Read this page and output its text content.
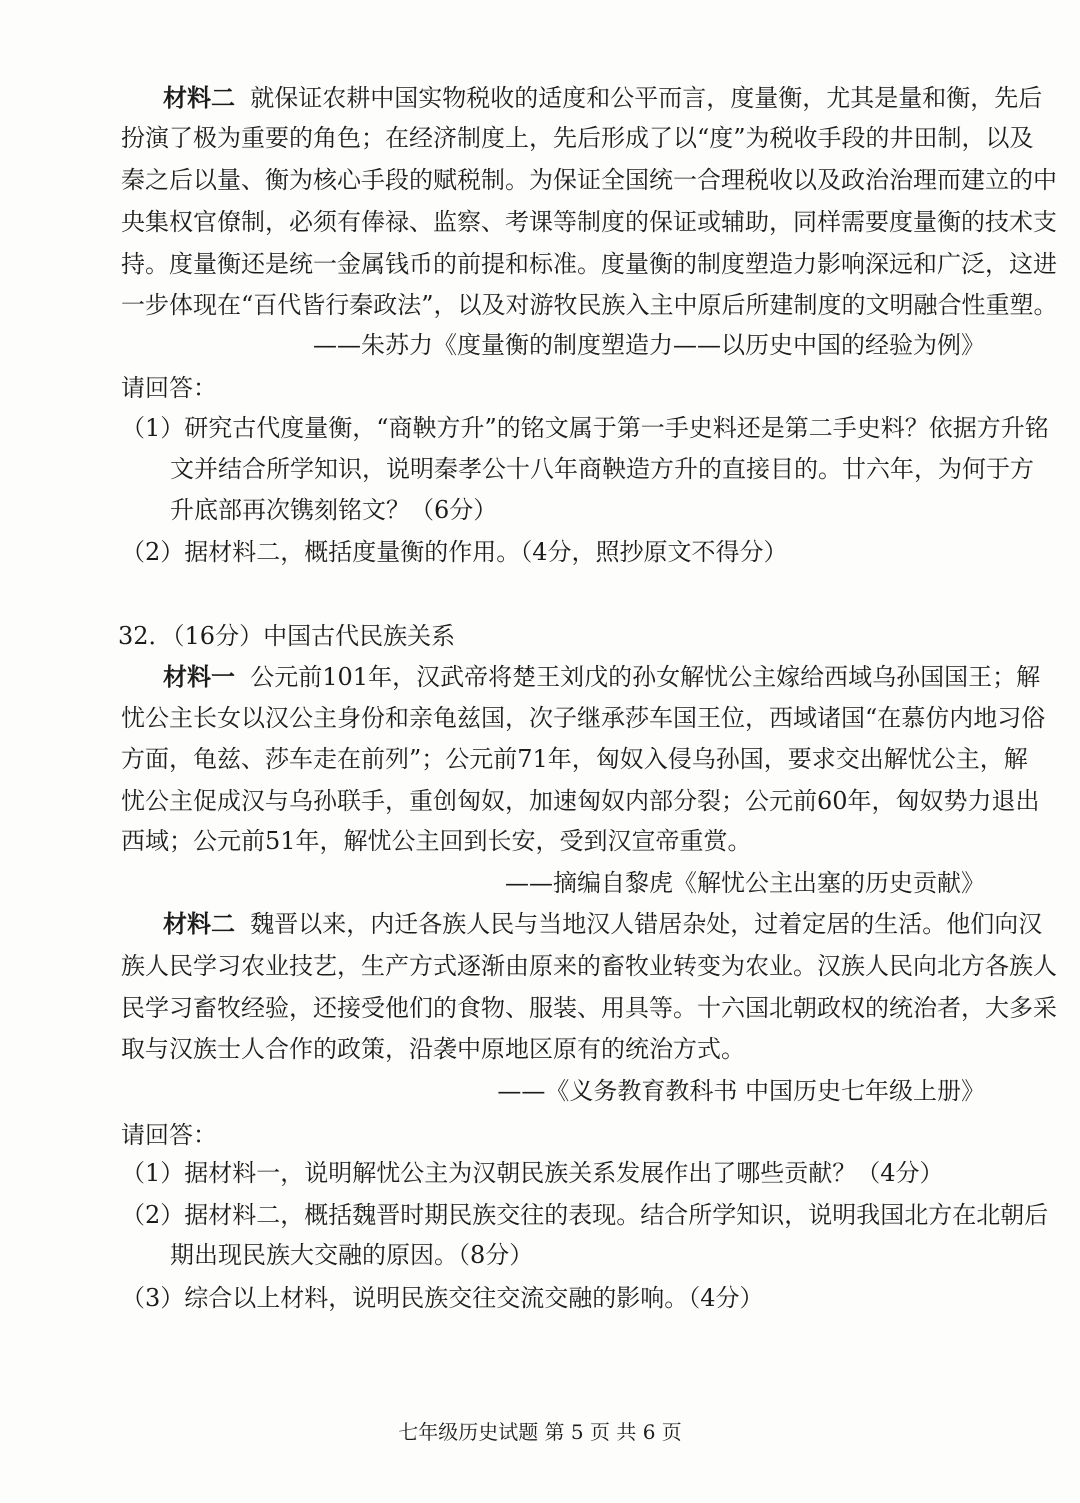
材料二 就保证农耕中国实物税收的适度和公平而言，度量衡，尤其是量和衡，先后
扮演了极为重要的角色；在经济制度上，先后形成了以“度”为税收手段的井田制，以及
秦之后以量、衡为核心手段的赋税制。为保证全国统一合理税收以及政治治理而建立的中
央集权官僚制，必须有俸禄、监察、考课等制度的保证或辅助，同样需要度量衡的技术支
持。度量衡还是统一金属钱币的前提和标准。度量衡的制度塑造力影响深远和广泛，这进
一步体现在“百代皆行秦政法”，以及对游牧民族入主中原后所建制度的文明融合性重塑。
——朱苏力《度量衡的制度塑造力——以历史中国的经验为例》
请回答：
（1）研究古代度量衡，“商鞅方升”的铭文属于第一手史料还是第二手史料？依据方升铭
文并结合所学知识，说明秦孝公十八年商鞅造方升的直接目的。廿六年，为何于方
升底部再次镌刻铭文？（6分）
（2）据材料二，概括度量衡的作用。（4分，照抄原文不得分）
32．（16分）中国古代民族关系
材料一 公元前101年，汉武帝将楚王刘戊的孙女解忧公主嫁给西域乌孙国国王；解
忧公主长女以汉公主身份和亲龟兹国，次子继承莎车国王位，西域诸国“在慕仿内地习俗
方面，龟兹、莎车走在前列”；公元前71年，匈奴入侵乌孙国，要求交出解忧公主，解
忧公主促成汉与乌孙联手，重创匈奴，加速匈奴内部分裂；公元前60年，匈奴势力退出
西域；公元前51年，解忧公主回到长安，受到汉宣帝重赏。
——摘编自黎虎《解忧公主出塞的历史贡献》
材料二 魏晋以来，内迁各族人民与当地汉人错居杂处，过着定居的生活。他们向汉
族人民学习农业技艺，生产方式逐渐由原来的畜牧业转变为农业。汉族人民向北方各族人
民学习畜牧经验，还接受他们的食物、服装、用具等。十六国北朝政权的统治者，大多采
取与汉族士人合作的政策，沿袭中原地区原有的统治方式。
——《义务教育教科书 中国历史七年级上册》
请回答：
（1）据材料一，说明解忧公主为汉朝民族关系发展作出了哪些贡献？（4分）
（2）据材料二，概括魏晋时期民族交往的表现。结合所学知识，说明我国北方在北朝后
期出现民族大交融的原因。（8分）
（3）综合以上材料，说明民族交往交流交融的影响。（4分）
七年级历史试题 第 5 页 共 6 页
